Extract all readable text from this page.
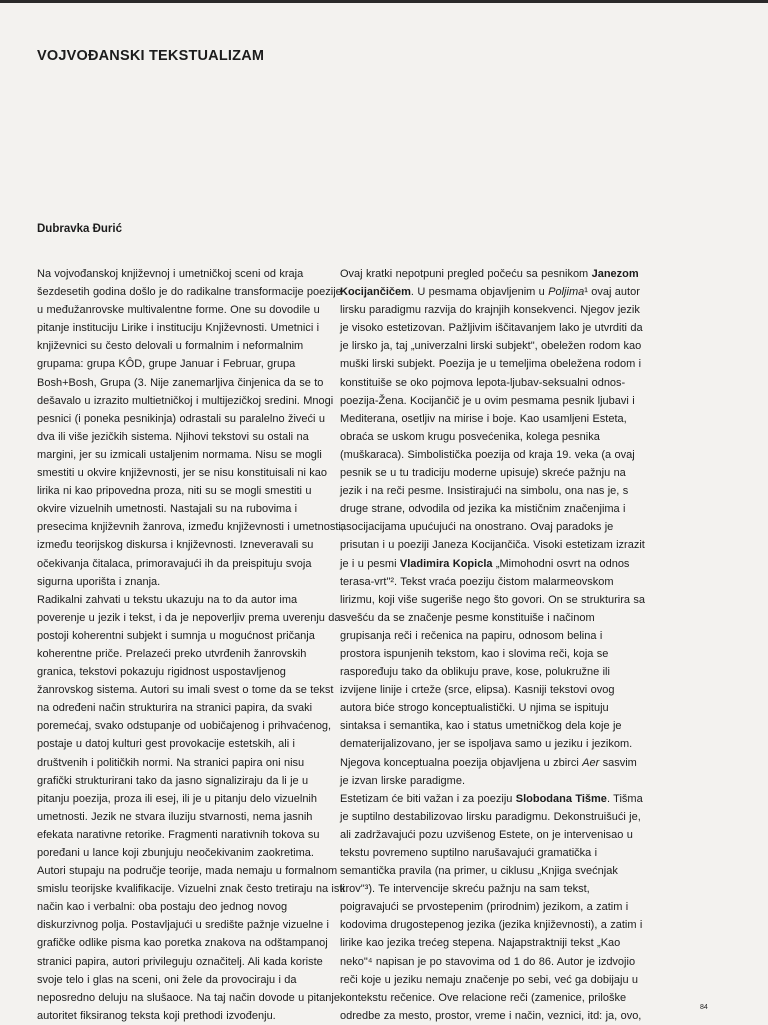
VOJVOĐANSKI TEKSTUALIZAM

Dubravka Đurić

Na vojvođanskoj književnoj i umetničkoj sceni od kraja

šezdesetih godina došlo je do radikalne transformacije poezije

u međužanrovske multivalentne forme. One su dovodile u

pitanje instituciju Lirike i instituciju Književnosti. Umetnici i

književnici su često delovali u formalnim i neformalnim

grupama: grupa KÔD, grupe Januar i Februar, grupa

Bosh+Bosh, Grupa (3. Nije zanemarljiva činjenica da se to

dešavalo u izrazito multietničkoj i multijezičkoj sredini. Mnogi

pesnici (i poneka pesnikinja) odrastali su paralelno živeći u

dva ili više jezičkih sistema. Njihovi tekstovi su ostali na

margini, jer su izmicali ustaljenim normama. Nisu se mogli

smestiti u okvire književnosti, jer se nisu konstituisali ni kao

lirika ni kao pripovedna proza, niti su se mogli smestiti u

okvire vizuelnih umetnosti. Nastajali su na rubovima i

presecima književnih žanrova, između književnosti i umetnosti,

između teorijskog diskursa i književnosti. Izneveravali su

očekivanja čitalaca, primoravajući ih da preispituju svoja

sigurna uporišta i znanja.

Radikalni zahvati u tekstu ukazuju na to da autor ima

poverenje u jezik i tekst, i da je nepoverljiv prema uverenju da

postoji koherentni subjekt i sumnja u mogućnost pričanja

koherentne priče. Prelazeći preko utvrđenih žanrovskih

granica, tekstovi pokazuju rigidnost uspostavljenog

žanrovskog sistema. Autori su imali svest o tome da se tekst

na određeni način strukturira na stranici papira, da svaki

poremećaj, svako odstupanje od uobičajenog i prihvaćenog,

postaje u datoj kulturi gest provokacije estetskih, ali i

društvenih i političkih normi. Na stranici papira oni nisu

grafički strukturirani tako da jasno signaliziraju da li je u

pitanju poezija, proza ili esej, ili je u pitanju delo vizuelnih

umetnosti. Jezik ne stvara iluziju stvarnosti, nema jasnih

efekata narativne retorike. Fragmenti narativnih tokova su

poređani u lance koji zbunjuju neočekivanim zaokretima.

Autori stupaju na područje teorije, mada nemaju u formalnom

smislu teorijske kvalifikacije. Vizuelni znak često tretiraju na isti

način kao i verbalni: oba postaju deo jednog novog

diskurzivnog polja. Postavljajući u središte pažnje vizuelne i

grafičke odlike pisma kao poretka znakova na odštampanoj

stranici papira, autori privileguju označitelj. Ali kada koriste

svoje telo i glas na sceni, oni žele da provociraju i da

neposredno deluju na slušaoce. Na taj način dovode u pitanje

autoritet fiksiranog teksta koji prethodi izvođenju.

Ovaj kratki nepotpuni pregled počeću sa pesnikom Janezom

Kocijančičem. U pesmama objavljenim u Poljima¹ ovaj autor

lirsku paradigmu razvija do krajnjih konsekvenci. Njegov jezik

je visoko estetizovan. Pažljivim iščitavanjem lako je utvrditi da

je lirsko ja, taj „univerzalni lirski subjekt", obeležen rodom kao

muški lirski subjekt. Poezija je u temeljima obeležena rodom i

konstituiše se oko pojmova lepota-ljubav-seksualni odnos-

poezija-Žena. Kocijančič je u ovim pesmama pesnik ljubavi i

Mediterana, osetljiv na mirise i boje. Kao usamljeni Esteta,

obraća se uskom krugu posvećenika, kolega pesnika

(muškaraca). Simbolistička poezija od kraja 19. veka (a ovaj

pesnik se u tu tradiciju moderne upisuje) skreće pažnju na

jezik i na reči pesme. Insistirajući na simbolu, ona nas je, s

druge strane, odvodila od jezika ka mističnim značenjima i

asocijacijama upućujući na onostrano. Ovaj paradoks je

prisutan i u poeziji Janeza Kocijančiča. Visoki estetizam izrazit

je i u pesmi Vladimira Kopicla „Mimohodni osvrt na odnos

terasa-vrt"². Tekst vraća poeziju čistom malarmeovskom

lirizmu, koji više sugeriše nego što govori. On se strukturira sa

svešću da se značenje pesme konstituiše i načinom

grupisanja reči i rečenica na papiru, odnosom belina i

prostora ispunjenih tekstom, kao i slovima reči, koja se

raspoređuju tako da oblikuju prave, kose, polukružne ili

izvijene linije i crteže (srce, elipsa). Kasniji tekstovi ovog

autora biće strogo konceptualistički. U njima se ispituju

sintaksa i semantika, kao i status umetničkog dela koje je

dematerijalizovano, jer se ispoljava samo u jeziku i jezikom.

Njegova konceptualna poezija objavljena u zbirci Aer sasvim

je izvan lirske paradigme.

Estetizam će biti važan i za poeziju Slobodana Tišme. Tišma

je suptilno destabilizovao lirsku paradigmu. Dekonstruišući je,

ali zadržavajući pozu uzvišenog Estete, on je intervenisao u

tekstu povremeno suptilno narušavajući gramatička i

semantička pravila (na primer, u ciklusu „Knjiga svećnjak

krov"³). Te intervencije skreću pažnju na sam tekst,

poigravajući se prvostepenim (prirodnim) jezikom, a zatim i

kodovima drugostepenog jezika (jezika književnosti), a zatim i

lirike kao jezika trećeg stepena. Najapstraktniji tekst „Kao

neko"⁴ napisan je po stavovima od 1 do 86. Autor je izdvojio

reči koje u jeziku nemaju značenje po sebi, već ga dobijaju u

kontekstu rečenice. Ove relacione reči (zamenice, priloške

odredbe za mesto, prostor, vreme i način, veznici, itd: ja, ovo,

84
